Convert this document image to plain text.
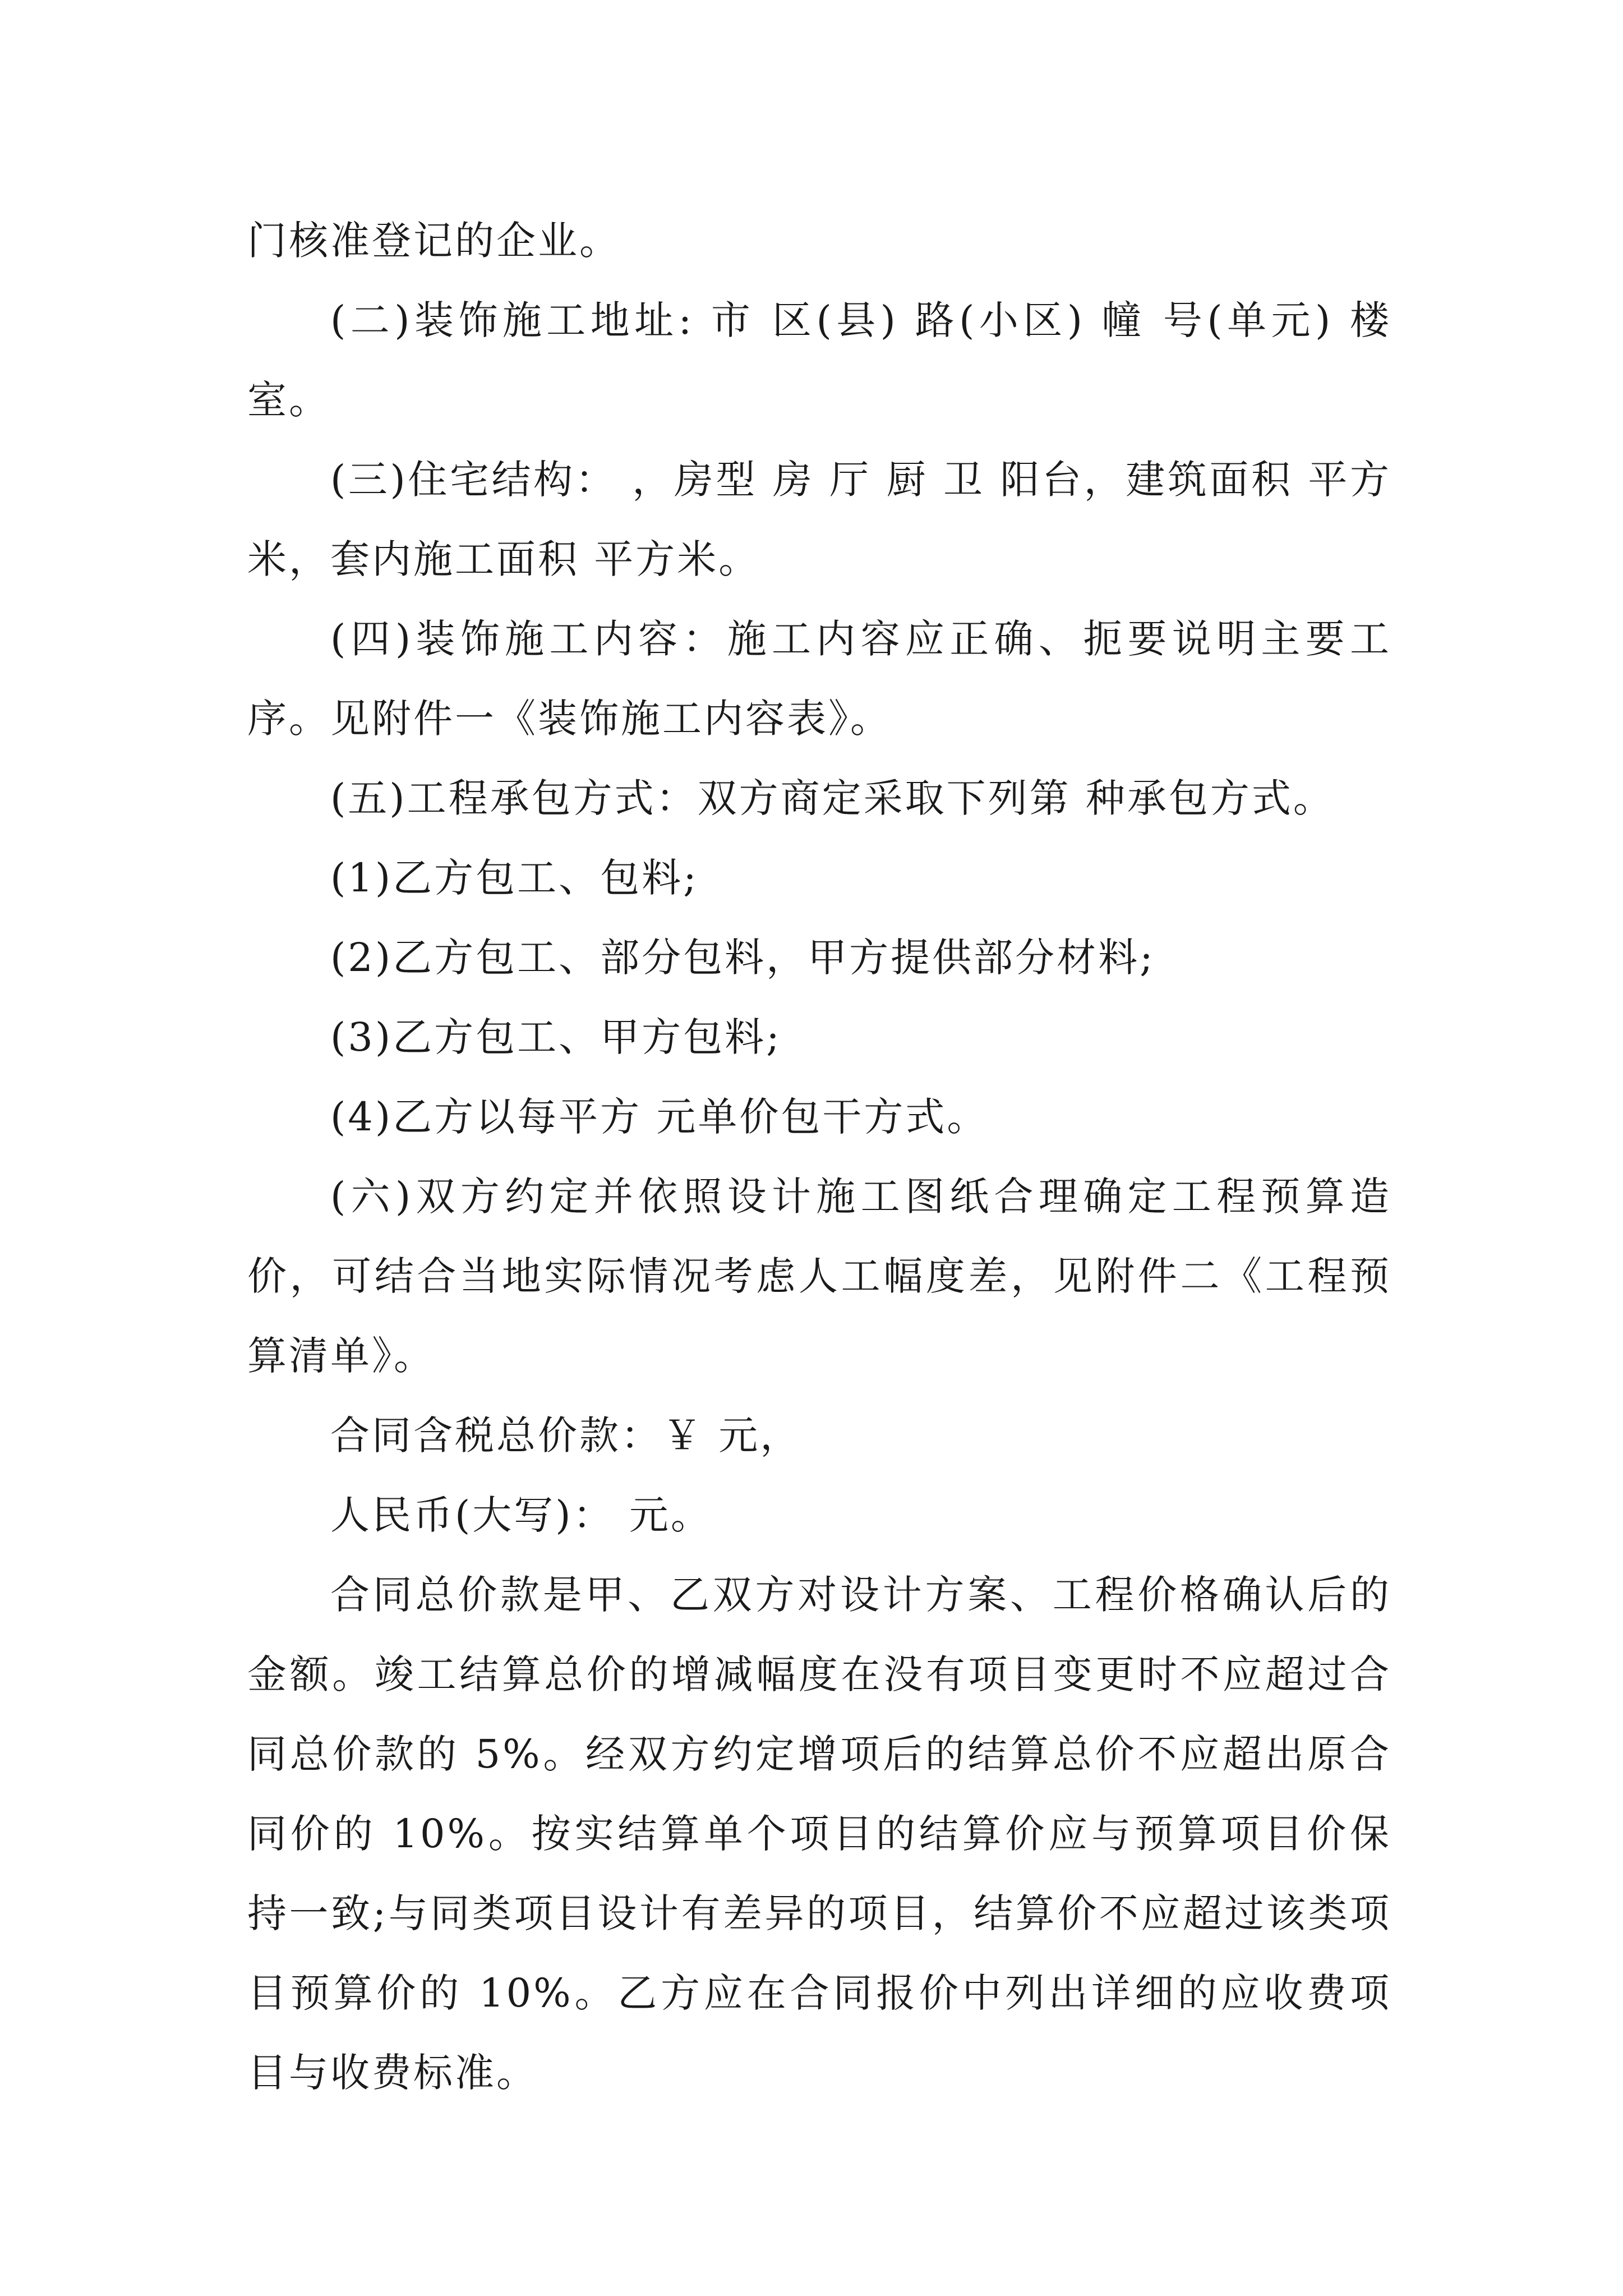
门核准登记的企业。

(二)装饰施工地址: 市 区(县) 路(小区) 幢 号(单元) 楼 室。

(三)住宅结构： ，房型 房 厅 厨 卫 阳台，建筑面积 平方米，套内施工面积 平方米。

(四)装饰施工内容：施工内容应正确、扼要说明主要工序。见附件一《装饰施工内容表》。

(五)工程承包方式：双方商定采取下列第 种承包方式。

(1)乙方包工、包料;

(2)乙方包工、部分包料，甲方提供部分材料;

(3)乙方包工、甲方包料;

(4)乙方以每平方 元单价包干方式。

(六)双方约定并依照设计施工图纸合理确定工程预算造价，可结合当地实际情况考虑人工幅度差，见附件二《工程预算清单》。

合同含税总价款：￥ 元，

人民币(大写)： 元。

合同总价款是甲、乙双方对设计方案、工程价格确认后的金额。竣工结算总价的增减幅度在没有项目变更时不应超过合同总价款的 5%。经双方约定增项后的结算总价不应超出原合同价的 10%。按实结算单个项目的结算价应与预算项目价保持一致;与同类项目设计有差异的项目，结算价不应超过该类项目预算价的 10%。乙方应在合同报价中列出详细的应收费项目与收费标准。
